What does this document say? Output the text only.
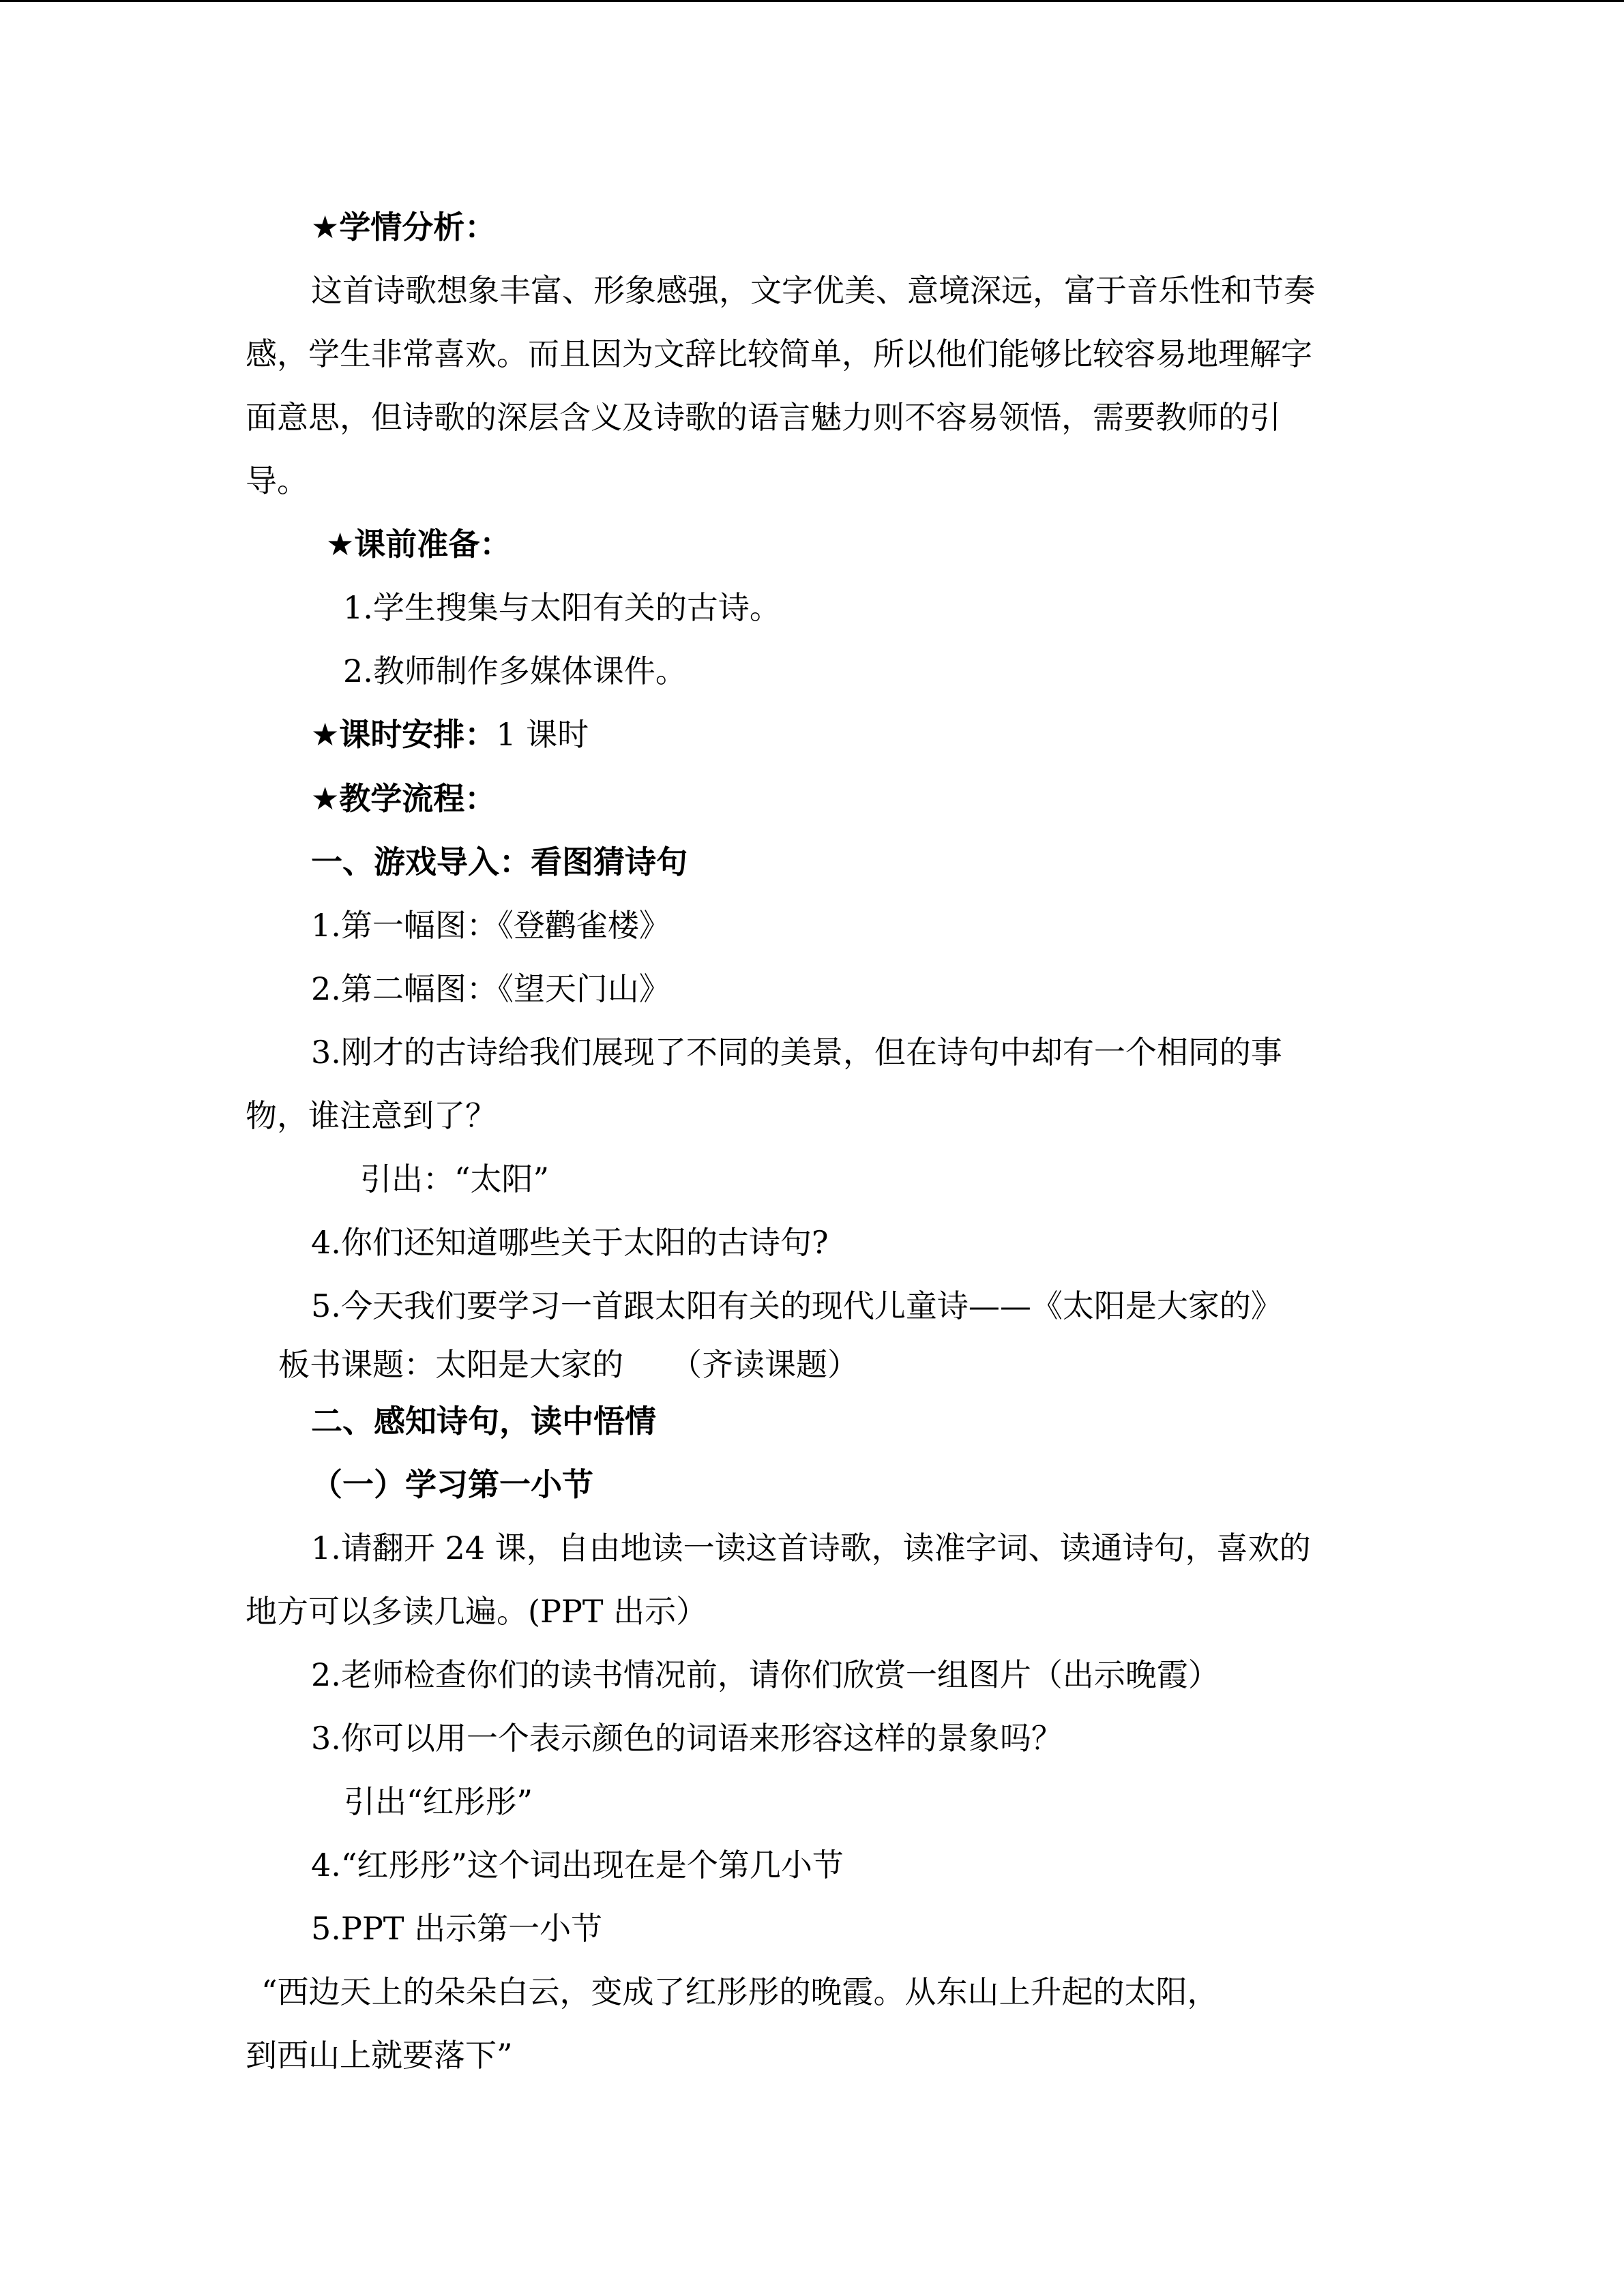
★学情分析：
这首诗歌想象丰富、形象感强，文字优美、意境深远，富于音乐性和节奏
感，学生非常喜欢。而且因为文辞比较简单，所以他们能够比较容易地理解字
面意思，但诗歌的深层含义及诗歌的语言魅力则不容易领悟，需要教师的引
导。
★课前准备：
1.学生搜集与太阳有关的古诗。
2.教师制作多媒体课件。
★课时安排：1 课时
★教学流程：
一、游戏导入：看图猜诗句
1.第一幅图：《登鹳雀楼》
2.第二幅图：《望天门山》
3.刚才的古诗给我们展现了不同的美景，但在诗句中却有一个相同的事
物，谁注意到了？
引出：“太阳”
4.你们还知道哪些关于太阳的古诗句?
5.今天我们要学习一首跟太阳有关的现代儿童诗——《太阳是大家的》
板书课题：太阳是大家的　　（齐读课题）
二、感知诗句，读中悟情
（一）学习第一小节
1.请翻开 24 课，自由地读一读这首诗歌，读准字词、读通诗句，喜欢的
地方可以多读几遍。(PPT 出示）
2.老师检查你们的读书情况前，请你们欣赏一组图片（出示晚霞）
3.你可以用一个表示颜色的词语来形容这样的景象吗？
引出“红彤彤”
4.“红彤彤”这个词出现在是个第几小节
5.PPT 出示第一小节
“西边天上的朵朵白云，变成了红彤彤的晚霞。从东山上升起的太阳，
到西山上就要落下”
